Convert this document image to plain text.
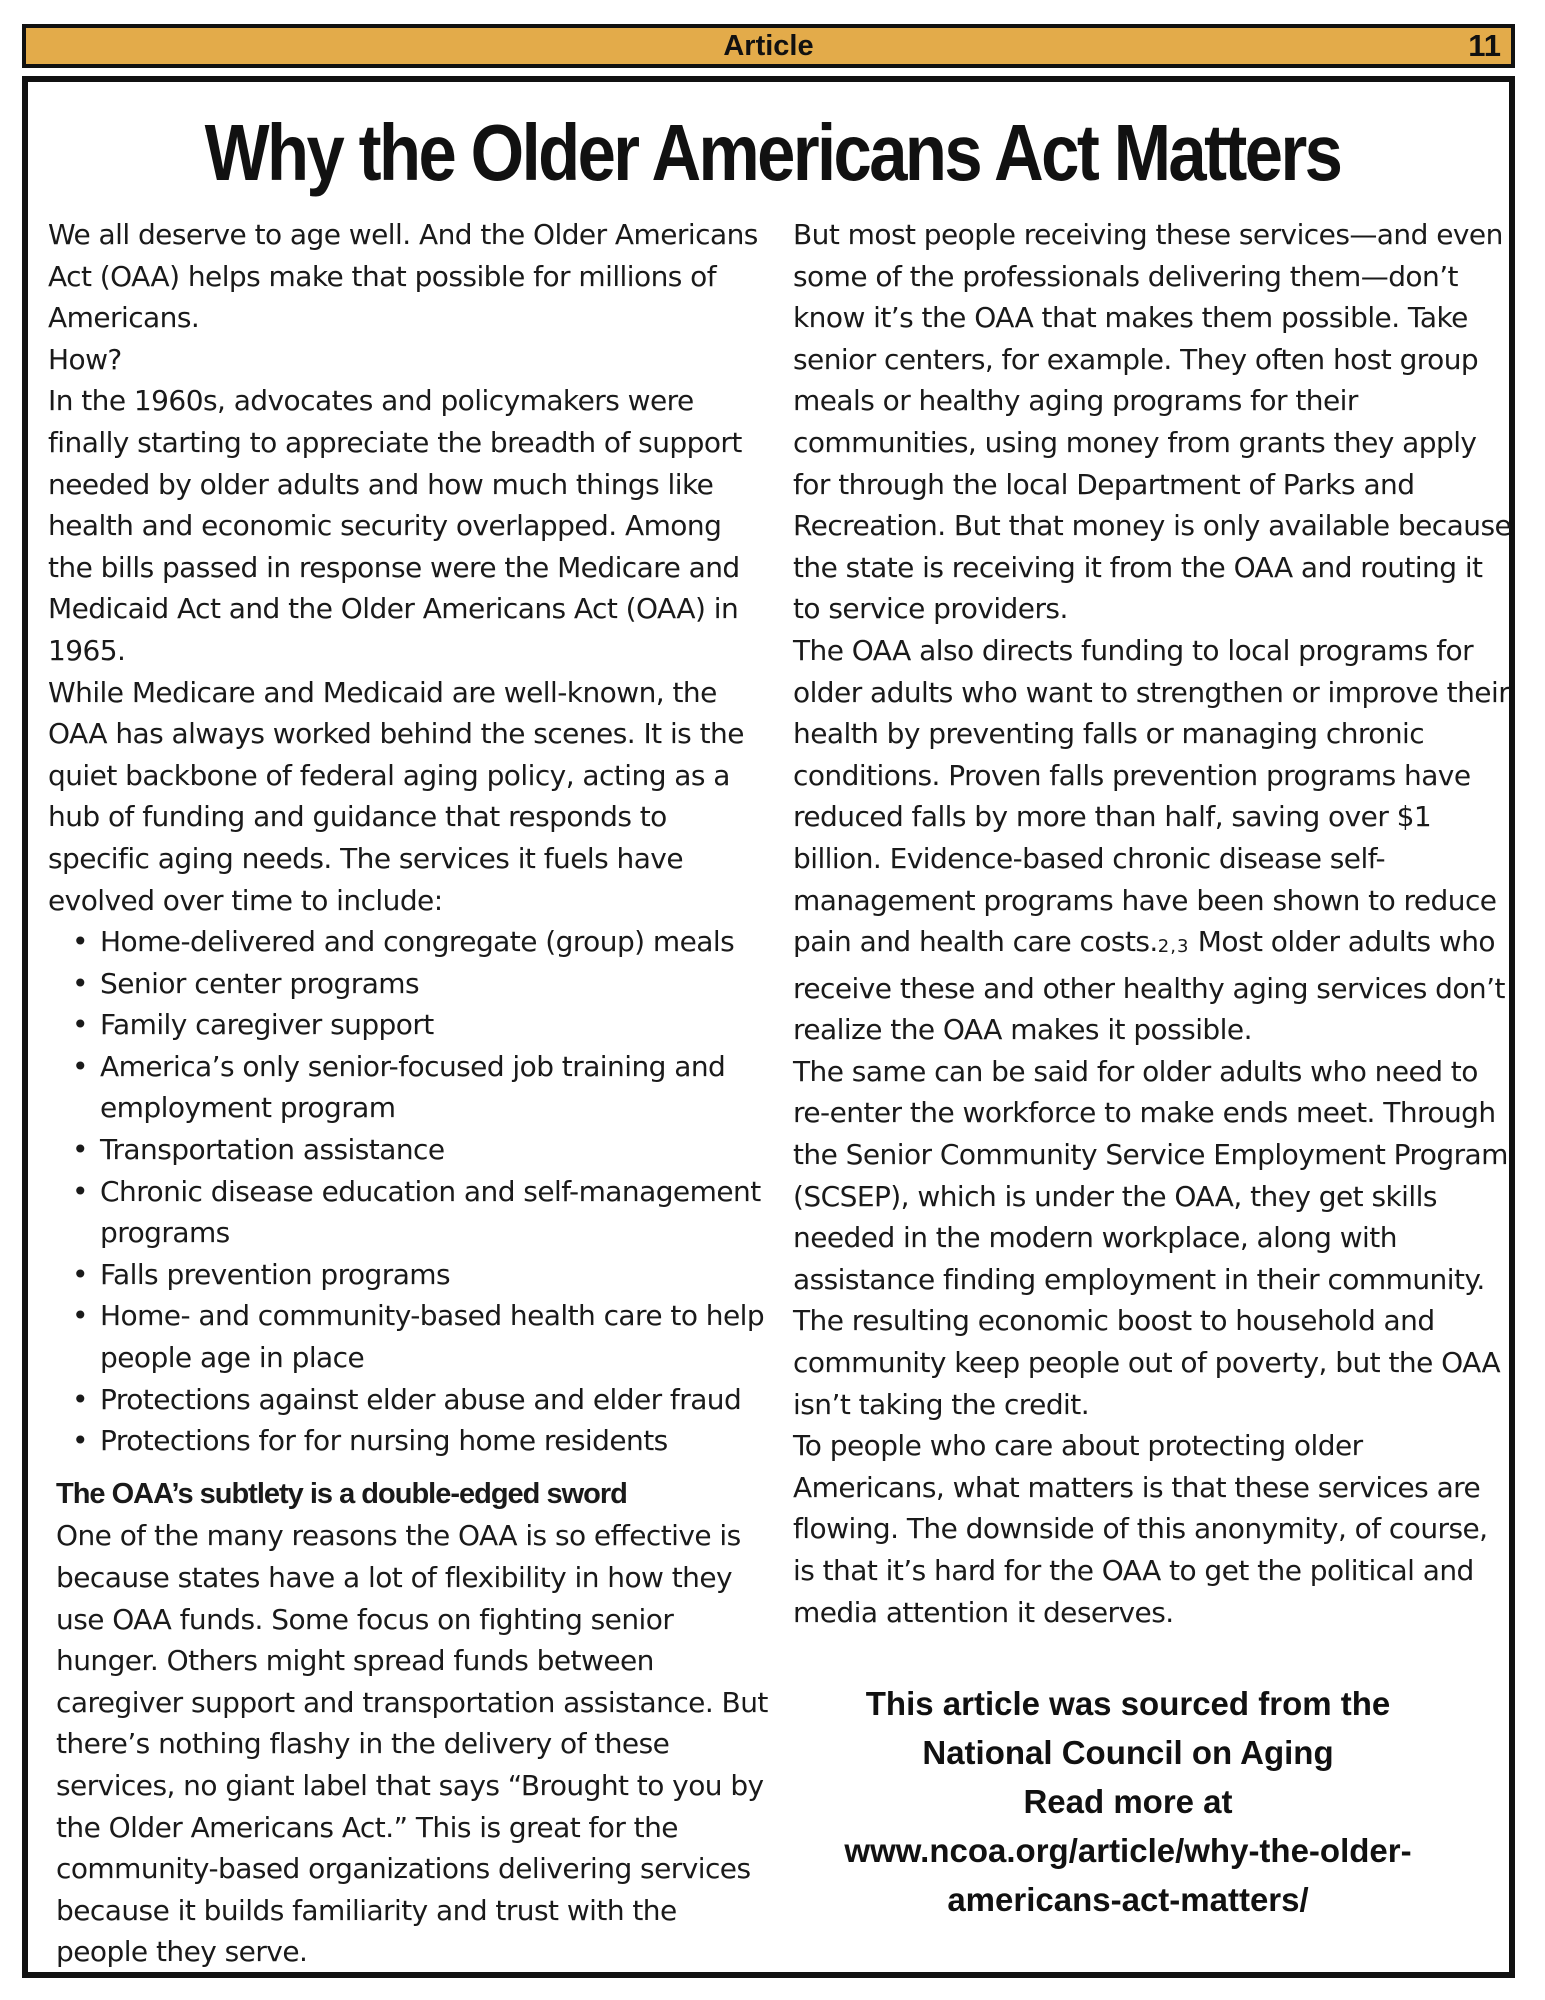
Article	11
Why the Older Americans Act Matters

We all deserve to age well. And the Older Americans Act (OAA) helps make that possible for millions of Americans.

How?

In the 1960s, advocates and policymakers were finally starting to appreciate the breadth of support needed by older adults and how much things like health and economic security overlapped. Among the bills passed in response were the Medicare and Medicaid Act and the Older Americans Act (OAA) in 1965.

While Medicare and Medicaid are well-known, the OAA has always worked behind the scenes. It is the quiet backbone of federal aging policy, acting as a hub of funding and guidance that responds to specific aging needs. The services it fuels have evolved over time to include:

• Home-delivered and congregate (group) meals
• Senior center programs
• Family caregiver support
• America’s only senior-focused job training and employment program
• Transportation assistance
• Chronic disease education and self-management programs
• Falls prevention programs
• Home- and community-based health care to help people age in place
• Protections against elder abuse and elder fraud
• Protections for for nursing home residents

The OAA’s subtlety is a double-edged sword

One of the many reasons the OAA is so effective is because states have a lot of flexibility in how they use OAA funds. Some focus on fighting senior hunger. Others might spread funds between caregiver support and transportation assistance. But there’s nothing flashy in the delivery of these services, no giant label that says “Brought to you by the Older Americans Act.” This is great for the community-based organizations delivering services because it builds familiarity and trust with the people they serve.

But most people receiving these services—and even some of the professionals delivering them—don’t know it’s the OAA that makes them possible. Take senior centers, for example. They often host group meals or healthy aging programs for their communities, using money from grants they apply for through the local Department of Parks and Recreation. But that money is only available because the state is receiving it from the OAA and routing it to service providers.

The OAA also directs funding to local programs for older adults who want to strengthen or improve their health by preventing falls or managing chronic conditions. Proven falls prevention programs have reduced falls by more than half, saving over $1 billion. Evidence-based chronic disease self-management programs have been shown to reduce pain and health care costs.$^{2,3}$ Most older adults who receive these and other healthy aging services don’t realize the OAA makes it possible.

The same can be said for older adults who need to re-enter the workforce to make ends meet. Through the Senior Community Service Employment Program (SCSEP), which is under the OAA, they get skills needed in the modern workplace, along with assistance finding employment in their community. The resulting economic boost to household and community keep people out of poverty, but the OAA isn’t taking the credit.

To people who care about protecting older Americans, what matters is that these services are flowing. The downside of this anonymity, of course, is that it’s hard for the OAA to get the political and media attention it deserves.

This article was sourced from the

National Council on Aging

Read more at

www.ncoa.org/article/why-the-older-

americans-act-matters/
